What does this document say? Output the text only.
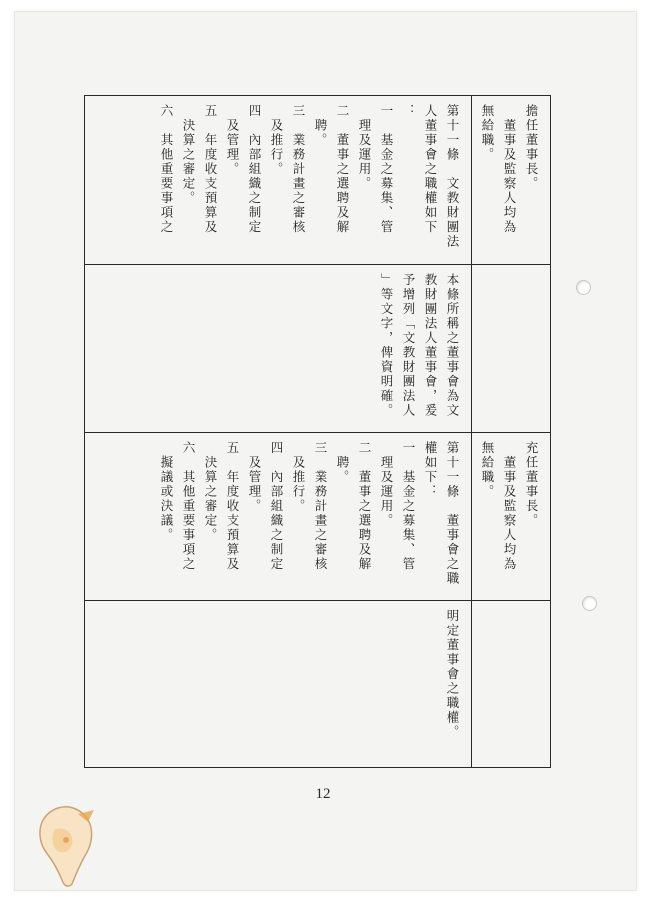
第十一條　文教財團法
人董事會之職權如下
：
一　基金之募集、管
　理及運用。
二　董事之選聘及解
　聘。
三　業務計畫之審核
　及推行。
四　內部組織之制定
　及管理。
五　年度收支預算及
　決算之審定。
六　其他重要事項之	擔任董事長。
　董事及監察人均為
無給職。
本條所稱之董事會為文
教財團法人董事會，爰
予增列「文教財團法人
」等文字，俾資明確。
第十一條　董事會之職
權如下：
一　基金之募集、管
　理及運用。
二　董事之選聘及解
　聘。
三　業務計畫之審核
　及推行。
四　內部組織之制定
　及管理。
五　年度收支預算及
　決算之審定。
六　其他重要事項之
　擬議或決議。	充任董事長。
　董事及監察人均為
無給職。
明定董事會之職權。
12
